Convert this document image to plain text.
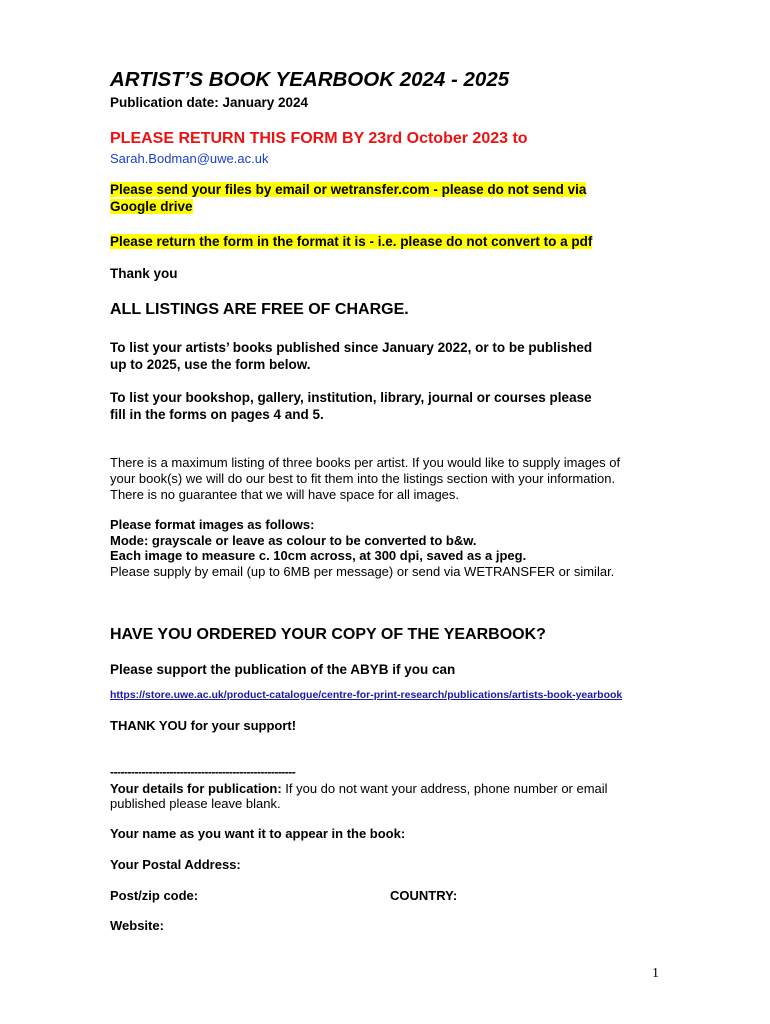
ARTIST’S BOOK YEARBOOK 2024 - 2025
Publication date: January 2024
PLEASE RETURN THIS FORM BY 23rd October 2023 to
Sarah.Bodman@uwe.ac.uk
Please send your files by email or wetransfer.com - please do not send via
Google drive
Please return the form in the format it is - i.e. please do not convert to a pdf
Thank you
ALL LISTINGS ARE FREE OF CHARGE.
To list your artists’ books published since January 2022, or to be published
up to 2025, use the form below.
To list your bookshop, gallery, institution, library, journal or courses please
fill in the forms on pages 4 and 5.
There is a maximum listing of three books per artist. If you would like to supply images of
your book(s) we will do our best to fit them into the listings section with your information.
There is no guarantee that we will have space for all images.
Please format images as follows:
Mode: grayscale or leave as colour to be converted to b&w.
Each image to measure c. 10cm across, at 300 dpi, saved as a jpeg.
Please supply by email (up to 6MB per message) or send via WETRANSFER or similar.
HAVE YOU ORDERED YOUR COPY OF THE YEARBOOK?
Please support the publication of the ABYB if you can
https://store.uwe.ac.uk/product-catalogue/centre-for-print-research/publications/artists-book-yearbook
THANK YOU for your support!
-----------------------------------------------------
Your details for publication: If you do not want your address, phone number or email
published please leave blank.
Your name as you want it to appear in the book:
Your Postal Address:
Post/zip code:	COUNTRY:
Website:
1
